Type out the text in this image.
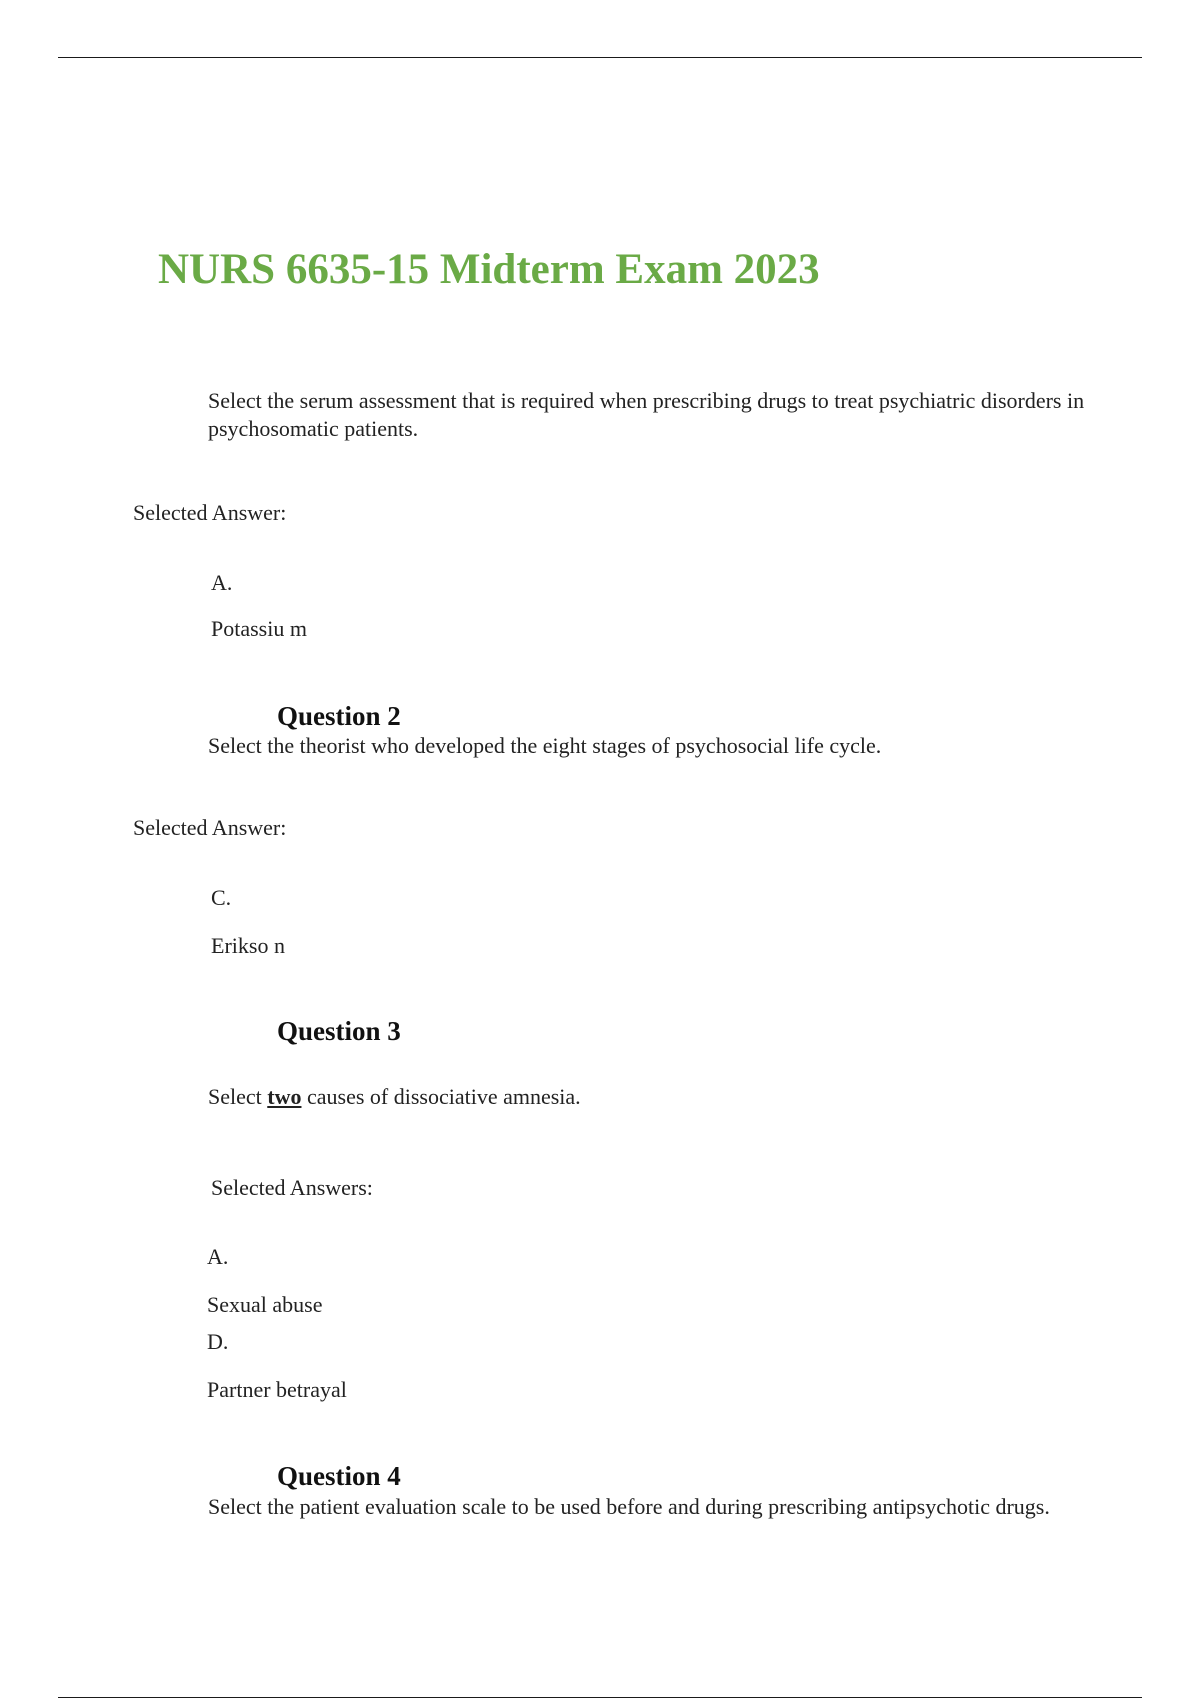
NURS 6635-15 Midterm Exam 2023

Select the serum assessment that is required when prescribing drugs to treat psychiatric disorders in psychosomatic patients.

Selected Answer:

A.

Potassiu m

Question 2

Select the theorist who developed the eight stages of psychosocial life cycle.

Selected Answer:

C.

Erikso n

Question 3

Select two causes of dissociative amnesia.

Selected Answers:

A.

Sexual abuse

D.

Partner betrayal

Question 4

Select the patient evaluation scale to be used before and during prescribing antipsychotic drugs.
